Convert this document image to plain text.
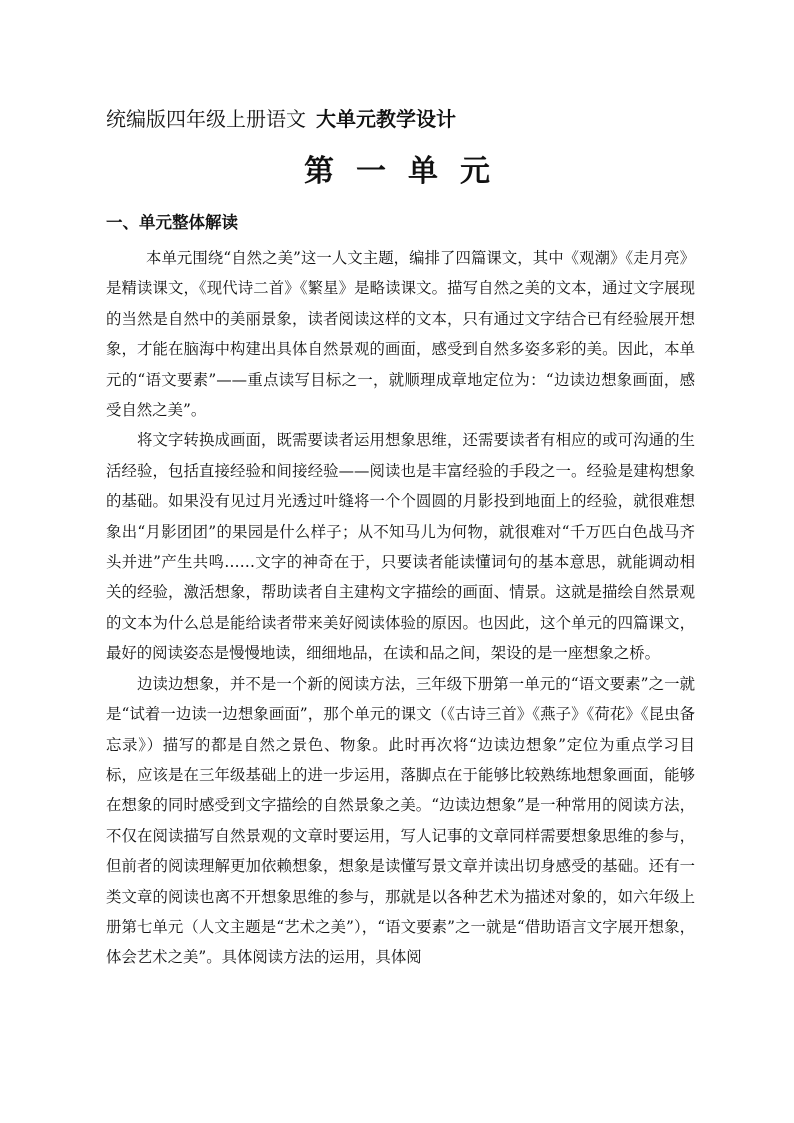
统编版四年级上册语文 大单元教学设计
第一单元
一、单元整体解读

本单元围绕“自然之美”这一人文主题，编排了四篇课文，其中《观潮》《走月亮》是精读课文，《现代诗二首》《繁星》是略读课文。描写自然之美的文本，通过文字展现的当然是自然中的美丽景象，读者阅读这样的文本，只有通过文字结合已有经验展开想象，才能在脑海中构建出具体自然景观的画面，感受到自然多姿多彩的美。因此，本单元的“语文要素”——重点读写目标之一，就顺理成章地定位为：“边读边想象画面，感受自然之美”。

将文字转换成画面，既需要读者运用想象思维，还需要读者有相应的或可沟通的生活经验，包括直接经验和间接经验——阅读也是丰富经验的手段之一。经验是建构想象的基础。如果没有见过月光透过叶缝将一个个圆圆的月影投到地面上的经验，就很难想象出“月影团团”的果园是什么样子；从不知马儿为何物，就很难对“千万匹白色战马齐头并进”产生共鸣……文字的神奇在于，只要读者能读懂词句的基本意思，就能调动相关的经验，激活想象，帮助读者自主建构文字描绘的画面、情景。这就是描绘自然景观的文本为什么总是能给读者带来美好阅读体验的原因。也因此，这个单元的四篇课文，最好的阅读姿态是慢慢地读，细细地品，在读和品之间，架设的是一座想象之桥。

边读边想象，并不是一个新的阅读方法，三年级下册第一单元的“语文要素”之一就是“试着一边读一边想象画面”，那个单元的课文（《古诗三首》《燕子》《荷花》《昆虫备忘录》）描写的都是自然之景色、物象。此时再次将“边读边想象”定位为重点学习目标，应该是在三年级基础上的进一步运用，落脚点在于能够比较熟练地想象画面，能够在想象的同时感受到文字描绘的自然景象之美。“边读边想象”是一种常用的阅读方法，不仅在阅读描写自然景观的文章时要运用，写人记事的文章同样需要想象思维的参与，但前者的阅读理解更加依赖想象，想象是读懂写景文章并读出切身感受的基础。还有一类文章的阅读也离不开想象思维的参与，那就是以各种艺术为描述对象的，如六年级上册第七单元（人文主题是“艺术之美”），“语文要素”之一就是“借助语言文字展开想象，体会艺术之美”。具体阅读方法的运用，具体阅
